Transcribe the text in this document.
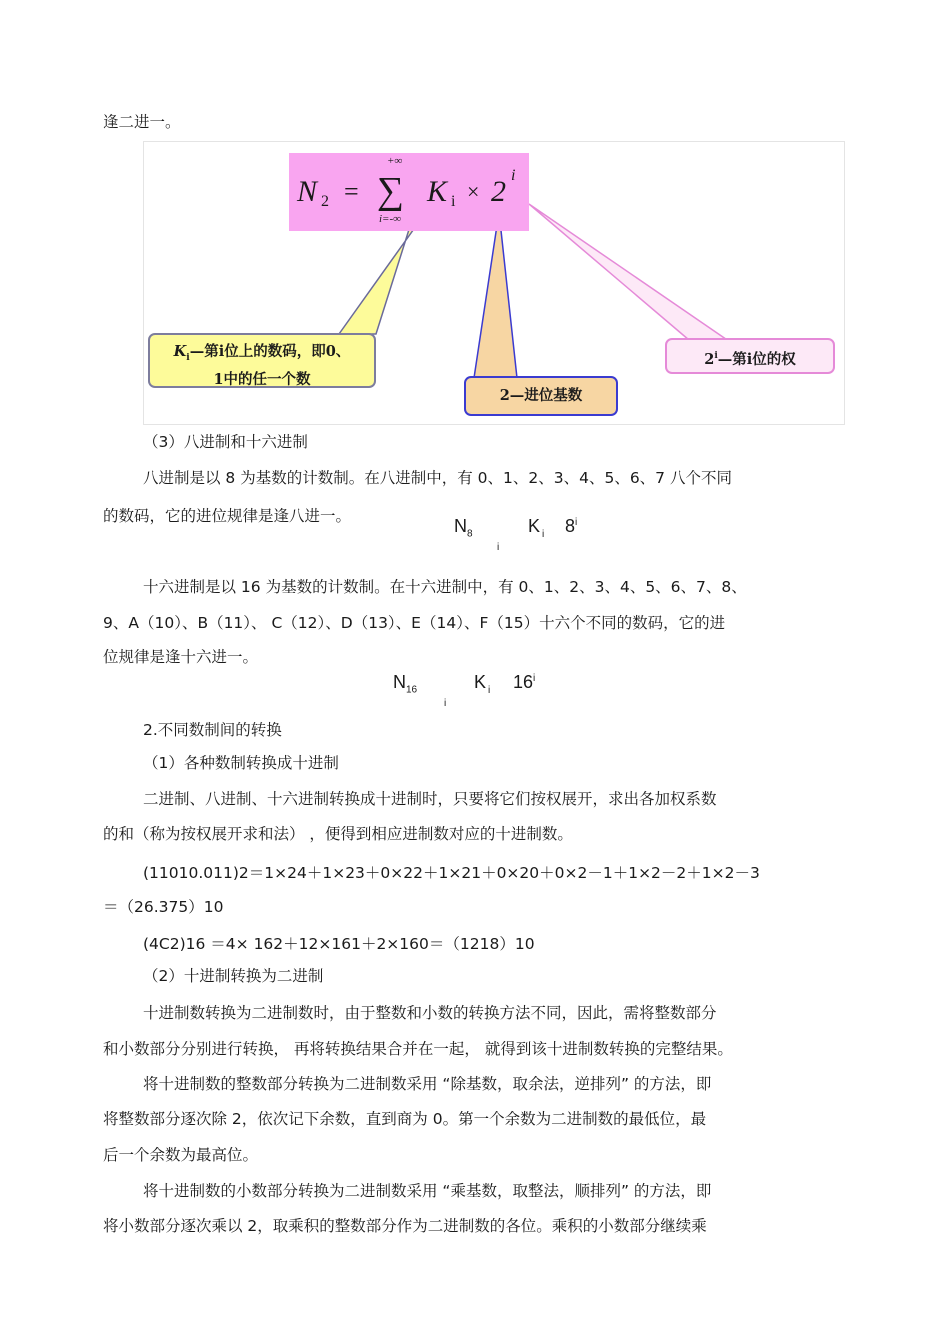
逢二进一。
N 2 =
+∞
∑
i=-∞
K i × 2 i
$K_i—$第i位上的数码，即0、
1中的任一个数
2—进位基数
2$^i$—第i位的权
（3）八进制和十六进制
八进制是以 8 为基数的计数制。在八进制中，有 0、1、2、3、4、5、6、7 八个不同
的数码，它的进位规律是逢八进一。	$N_8$	K $_i$ 8$^i$
i
十六进制是以 16 为基数的计数制。在十六进制中，有 0、1、2、3、4、5、6、7、8、
9、A（10）、B（11）、 C（12）、D（13）、E（14）、F（15）十六个不同的数码，它的进
位规律是逢十六进一。
$N_{16}$	K $_i$ 16$^i$
i
2.不同数制间的转换
（1）各种数制转换成十进制
二进制、八进制、十六进制转换成十进制时，只要将它们按权展开，求出各加权系数
的和（称为按权展开求和法） ，便得到相应进制数对应的十进制数。
(11010.011)2＝1×24＋1×23＋0×22＋1×21＋0×20＋0×2－1＋1×2－2＋1×2－3
＝（26.375）10
(4C2)16 ＝4× 162＋12×161＋2×160＝（1218）10
（2）十进制转换为二进制
十进制数转换为二进制数时，由于整数和小数的转换方法不同，因此，需将整数部分
和小数部分分别进行转换， 再将转换结果合并在一起， 就得到该十进制数转换的完整结果。
将十进制数的整数部分转换为二进制数采用 “除基数，取余法，逆排列” 的方法，即
将整数部分逐次除 2，依次记下余数，直到商为 0。第一个余数为二进制数的最低位，最
后一个余数为最高位。
将十进制数的小数部分转换为二进制数采用 “乘基数，取整法，顺排列” 的方法，即
将小数部分逐次乘以 2，取乘积的整数部分作为二进制数的各位。乘积的小数部分继续乘
